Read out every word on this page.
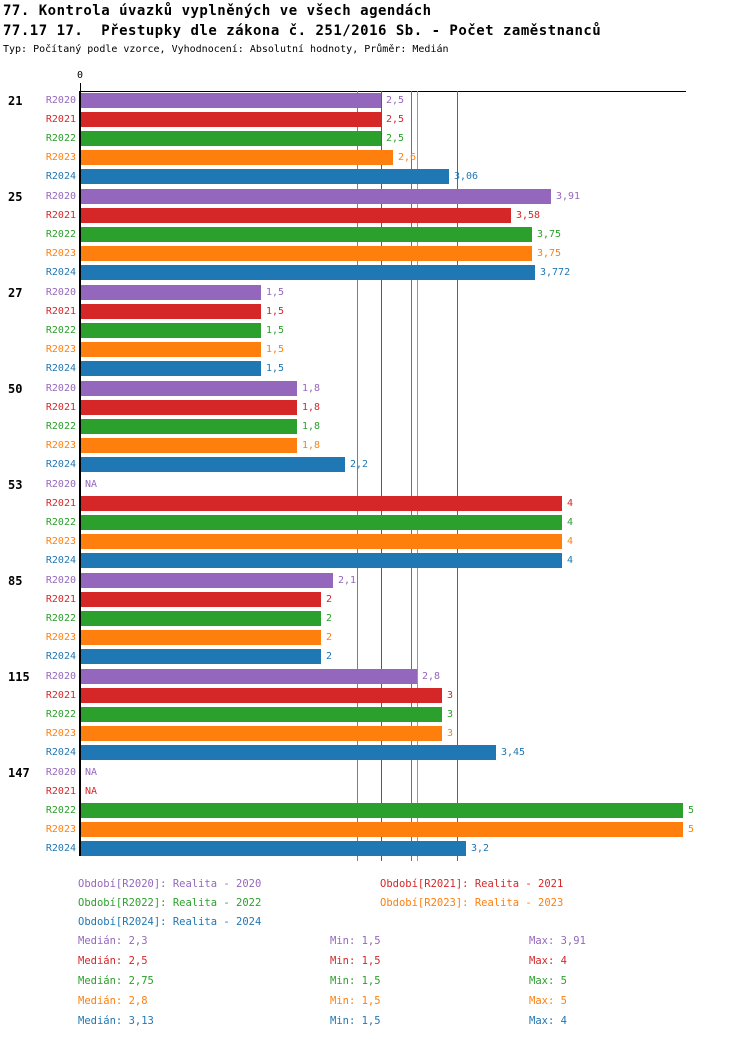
77. Kontrola úvazků vyplněných ve všech agendách
77.17 17.  Přestupky dle zákona č. 251/2016 Sb. - Počet zaměstnanců
Typ: Počítaný podle vzorce, Vyhodnocení: Absolutní hodnoty, Průměr: Medián
0
21	R2020	2,5
R2021	2,5
R2022	2,5
R2023	2,6
R2024	3,06
25	R2020	3,91
R2021	3,58
R2022	3,75
R2023	3,75
R2024	3,772
27	R2020	1,5
R2021	1,5
R2022	1,5
R2023	1,5
R2024	1,5
50	R2020	1,8
R2021	1,8
R2022	1,8
R2023	1,8
R2024	2,2
53	R2020 NA
R2021	4
R2022	4
R2023	4
R2024	4
85	R2020	2,1
R2021	2
R2022	2
R2023	2
R2024	2
115	R2020	2,8
R2021	3
R2022	3
R2023	3
R2024	3,45
147	R2020 NA
R2021 NA
R2022	5
R2023	5
R2024	3,2
Období[R2020]: Realita - 2020	Období[R2021]: Realita - 2021
Období[R2022]: Realita - 2022	Období[R2023]: Realita - 2023
Období[R2024]: Realita - 2024
Medián: 2,3	Min: 1,5	Max: 3,91
Medián: 2,5	Min: 1,5	Max: 4
Medián: 2,75	Min: 1,5	Max: 5
Medián: 2,8	Min: 1,5	Max: 5
Medián: 3,13	Min: 1,5	Max: 4
